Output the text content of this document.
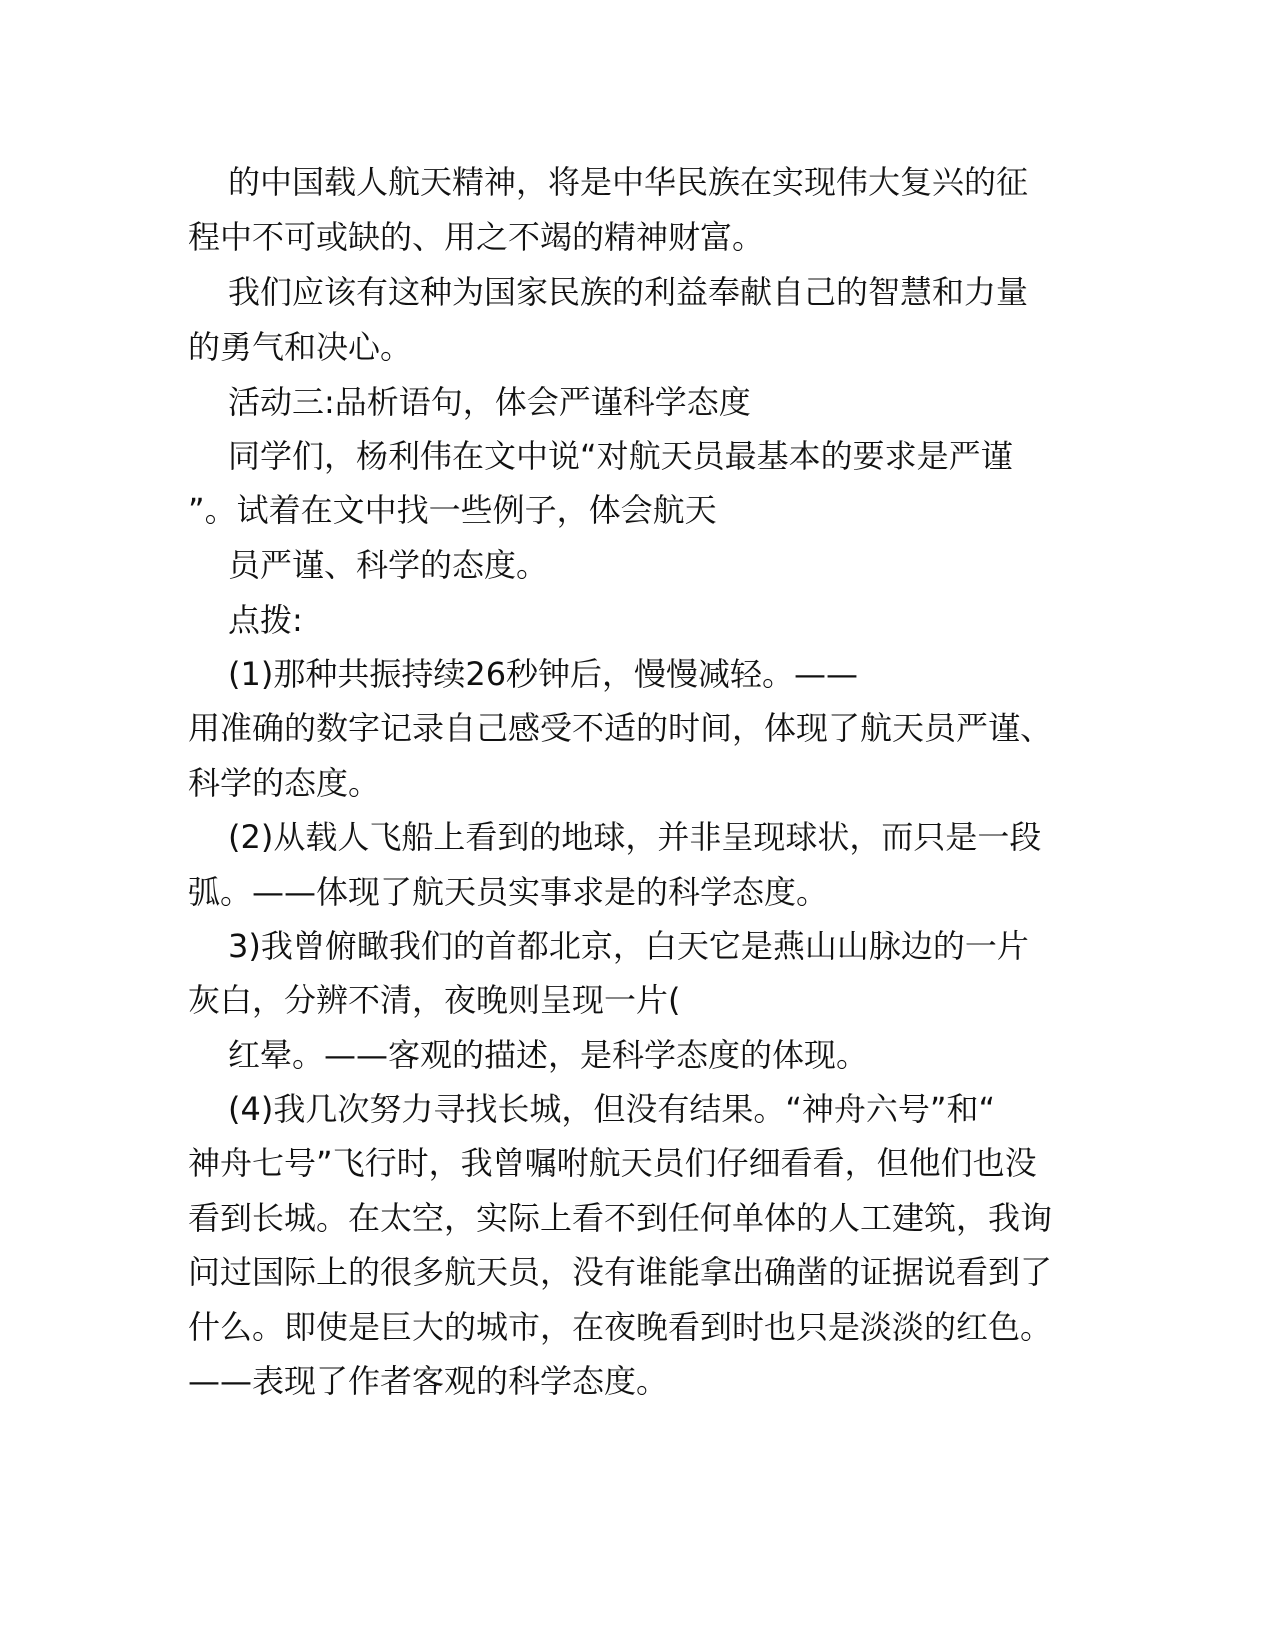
的中国载人航天精神，将是中华民族在实现伟大复兴的征
程中不可或缺的、用之不竭的精神财富。
我们应该有这种为国家民族的利益奉献自己的智慧和力量
的勇气和决心。
活动三:品析语句，体会严谨科学态度
同学们，杨利伟在文中说“对航天员最基本的要求是严谨
”。试着在文中找一些例子，体会航天
员严谨、科学的态度。
点拨:
(1)那种共振持续26秒钟后，慢慢减轻。——
用准确的数字记录自己感受不适的时间，体现了航天员严谨、
科学的态度。
(2)从载人飞船上看到的地球，并非呈现球状，而只是一段
弧。——体现了航天员实事求是的科学态度。
3)我曾俯瞰我们的首都北京，白天它是燕山山脉边的一片
灰白，分辨不清，夜晚则呈现一片(
红晕。——客观的描述，是科学态度的体现。
(4)我几次努力寻找长城，但没有结果。“神舟六号”和“
神舟七号”飞行时，我曾嘱咐航天员们仔细看看，但他们也没
看到长城。在太空，实际上看不到任何单体的人工建筑，我询
问过国际上的很多航天员，没有谁能拿出确凿的证据说看到了
什么。即使是巨大的城市，在夜晚看到时也只是淡淡的红色。
——表现了作者客观的科学态度。
